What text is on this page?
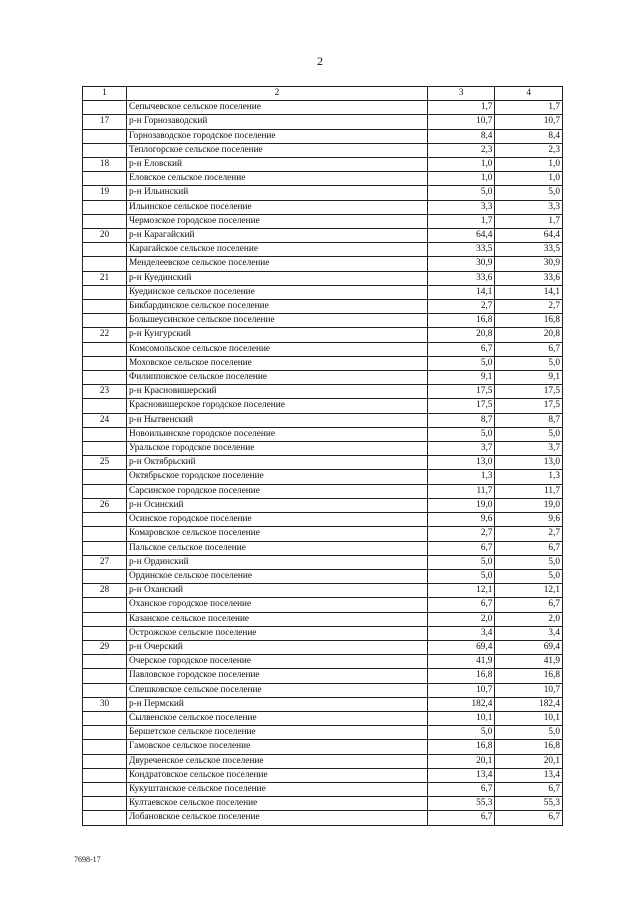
2
1	2	3	4
	Сепычевское сельское поселение	1,7	1,7
17	р-н Горнозаводский	10,7	10,7
	Горнозаводское городское поселение	8,4	8,4
	Теплогорское сельское поселение	2,3	2,3
18	р-н Еловский	1,0	1,0
	Еловское сельское поселение	1,0	1,0
19	р-н Ильинский	5,0	5,0
	Ильинское сельское поселение	3,3	3,3
	Чермозское городское поселение	1,7	1,7
20	р-н Карагайский	64,4	64,4
	Карагайское сельское поселение	33,5	33,5
	Менделеевское сельское поселение	30,9	30,9
21	р-н Куединский	33,6	33,6
	Куединское сельское поселение	14,1	14,1
	Бикбардинское сельское поселение	2,7	2,7
	Большеусинское сельское поселение	16,8	16,8
22	р-н Кунгурский	20,8	20,8
	Комсомольское сельское поселение	6,7	6,7
	Моховское сельское поселение	5,0	5,0
	Филипповское сельское поселение	9,1	9,1
23	р-н Красновишерский	17,5	17,5
	Красновишерское городское поселение	17,5	17,5
24	р-н Нытвенский	8,7	8,7
	Новоильинское городское поселение	5,0	5,0
	Уральское городское поселение	3,7	3,7
25	р-н Октябрьский	13,0	13,0
	Октябрьское городское поселение	1,3	1,3
	Сарсинское городское поселение	11,7	11,7
26	р-н Осинский	19,0	19,0
	Осинское городское поселение	9,6	9,6
	Комаровское сельское поселение	2,7	2,7
	Пальское сельское поселение	6,7	6,7
27	р-н Ординский	5,0	5,0
	Ординское сельское поселение	5,0	5,0
28	р-н Оханский	12,1	12,1
	Оханское городское поселение	6,7	6,7
	Казанское сельское поселение	2,0	2,0
	Острожское сельское поселение	3,4	3,4
29	р-н Очерский	69,4	69,4
	Очерское городское поселение	41,9	41,9
	Павловское городское поселение	16,8	16,8
	Спешковское сельское поселение	10,7	10,7
30	р-н Пермский	182,4	182,4
	Сылвенское сельское поселение	10,1	10,1
	Бершетское сельское поселение	5,0	5,0
	Гамовское сельское поселение	16,8	16,8
	Двуреченское сельское поселение	20,1	20,1
	Кондратовское сельское поселение	13,4	13,4
	Кукуштанское сельское поселение	6,7	6,7
	Култаевское сельское поселение	55,3	55,3
	Лобановское сельское поселение	6,7	6,7
7698-17
